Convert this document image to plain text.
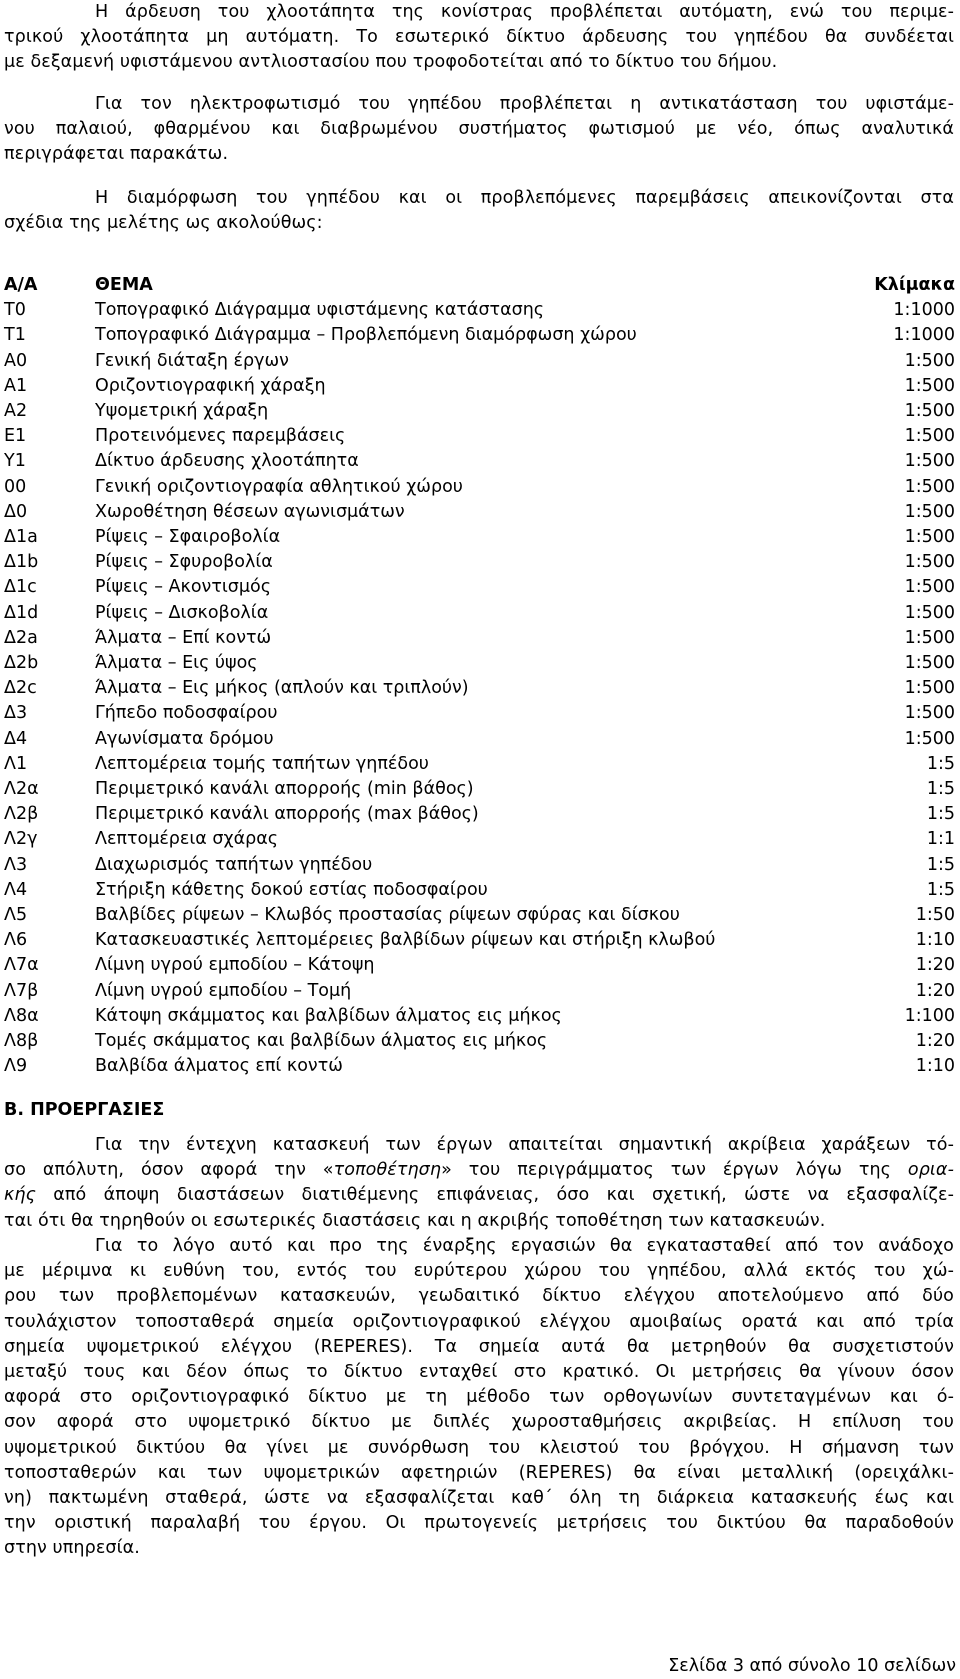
Η άρδευση του χλοοτάπητα της κονίστρας προβλέπεται αυτόματη, ενώ του περιμε-
τρικού χλοοτάπητα μη αυτόματη. Το εσωτερικό δίκτυο άρδευσης του γηπέδου θα συνδέεται
με δεξαμενή υφιστάμενου αντλιοστασίου που τροφοδοτείται από το δίκτυο του δήμου.

Για τον ηλεκτροφωτισμό του γηπέδου προβλέπεται η αντικατάσταση του υφιστάμε-
νου παλαιού, φθαρμένου και διαβρωμένου συστήματος φωτισμού με νέο, όπως αναλυτικά
περιγράφεται παρακάτω.

Η διαμόρφωση του γηπέδου και οι προβλεπόμενες παρεμβάσεις απεικονίζονται στα
σχέδια της μελέτης ως ακολούθως:

Α/Α	ΘΕΜΑ	Κλίμακα
Τ0	Τοπογραφικό Διάγραμμα υφιστάμενης κατάστασης	1:1000
Τ1	Τοπογραφικό Διάγραμμα – Προβλεπόμενη διαμόρφωση χώρου	1:1000
Α0	Γενική διάταξη έργων	1:500
Α1	Οριζοντιογραφική χάραξη	1:500
Α2	Υψομετρική χάραξη	1:500
Ε1	Προτεινόμενες παρεμβάσεις	1:500
Υ1	Δίκτυο άρδευσης χλοοτάπητα	1:500
00	Γενική οριζοντιογραφία αθλητικού χώρου	1:500
Δ0	Χωροθέτηση θέσεων αγωνισμάτων	1:500
Δ1a	Ρίψεις – Σφαιροβολία	1:500
Δ1b	Ρίψεις – Σφυροβολία	1:500
Δ1c	Ρίψεις – Ακοντισμός	1:500
Δ1d	Ρίψεις – Δισκοβολία	1:500
Δ2a	Άλματα – Επί κοντώ	1:500
Δ2b	Άλματα – Εις ύψος	1:500
Δ2c	Άλματα – Εις μήκος (απλούν και τριπλούν)	1:500
Δ3	Γήπεδο ποδοσφαίρου	1:500
Δ4	Αγωνίσματα δρόμου	1:500
Λ1	Λεπτομέρεια τομής ταπήτων γηπέδου	1:5
Λ2α	Περιμετρικό κανάλι απορροής (min βάθος)	1:5
Λ2β	Περιμετρικό κανάλι απορροής (max βάθος)	1:5
Λ2γ	Λεπτομέρεια σχάρας	1:1
Λ3	Διαχωρισμός ταπήτων γηπέδου	1:5
Λ4	Στήριξη κάθετης δοκού εστίας ποδοσφαίρου	1:5
Λ5	Βαλβίδες ρίψεων – Κλωβός προστασίας ρίψεων σφύρας και δίσκου	1:50
Λ6	Κατασκευαστικές λεπτομέρειες βαλβίδων ρίψεων και στήριξη κλωβού	1:10
Λ7α	Λίμνη υγρού εμποδίου – Κάτοψη	1:20
Λ7β	Λίμνη υγρού εμποδίου – Τομή	1:20
Λ8α	Κάτοψη σκάμματος και βαλβίδων άλματος εις μήκος	1:100
Λ8β	Τομές σκάμματος και βαλβίδων άλματος εις μήκος	1:20
Λ9	Βαλβίδα άλματος επί κοντώ	1:10
Β. ΠΡΟΕΡΓΑΣΙΕΣ

Για την έντεχνη κατασκευή των έργων απαιτείται σημαντική ακρίβεια χαράξεων τό-
σο απόλυτη, όσον αφορά την «τοποθέτηση» του περιγράμματος των έργων λόγω της ορια-
κής από άποψη διαστάσεων διατιθέμενης επιφάνειας, όσο και σχετική, ώστε να εξασφαλίζε-
ται ότι θα τηρηθούν οι εσωτερικές διαστάσεις και η ακριβής τοποθέτηση των κατασκευών.

Για το λόγο αυτό και προ της έναρξης εργασιών θα εγκατασταθεί από τον ανάδοχο
με μέριμνα κι ευθύνη του, εντός του ευρύτερου χώρου του γηπέδου, αλλά εκτός του χώ-
ρου των προβλεπομένων κατασκευών, γεωδαιτικό δίκτυο ελέγχου αποτελούμενο από δύο
τουλάχιστον τοποσταθερά σημεία οριζοντιογραφικού ελέγχου αμοιβαίως ορατά και από τρία
σημεία υψομετρικού ελέγχου (REPERES). Τα σημεία αυτά θα μετρηθούν θα συσχετιστούν
μεταξύ τους και δέον όπως το δίκτυο ενταχθεί στο κρατικό. Οι μετρήσεις θα γίνουν όσον
αφορά στο οριζοντιογραφικό δίκτυο με τη μέθοδο των ορθογωνίων συντεταγμένων και ό-
σον αφορά στο υψομετρικό δίκτυο με διπλές χωροσταθμήσεις ακριβείας. Η επίλυση του
υψομετρικού δικτύου θα γίνει με συνόρθωση του κλειστού του βρόγχου. Η σήμανση των
τοποσταθερών και των υψομετρικών αφετηριών (REPERES) θα είναι μεταλλική (ορειχάλκι-
νη) πακτωμένη σταθερά, ώστε να εξασφαλίζεται καθ΄ όλη τη διάρκεια κατασκευής έως και
την οριστική παραλαβή του έργου. Οι πρωτογενείς μετρήσεις του δικτύου θα παραδοθούν
στην υπηρεσία.

Σελίδα 3 από σύνολο 10 σελίδων
